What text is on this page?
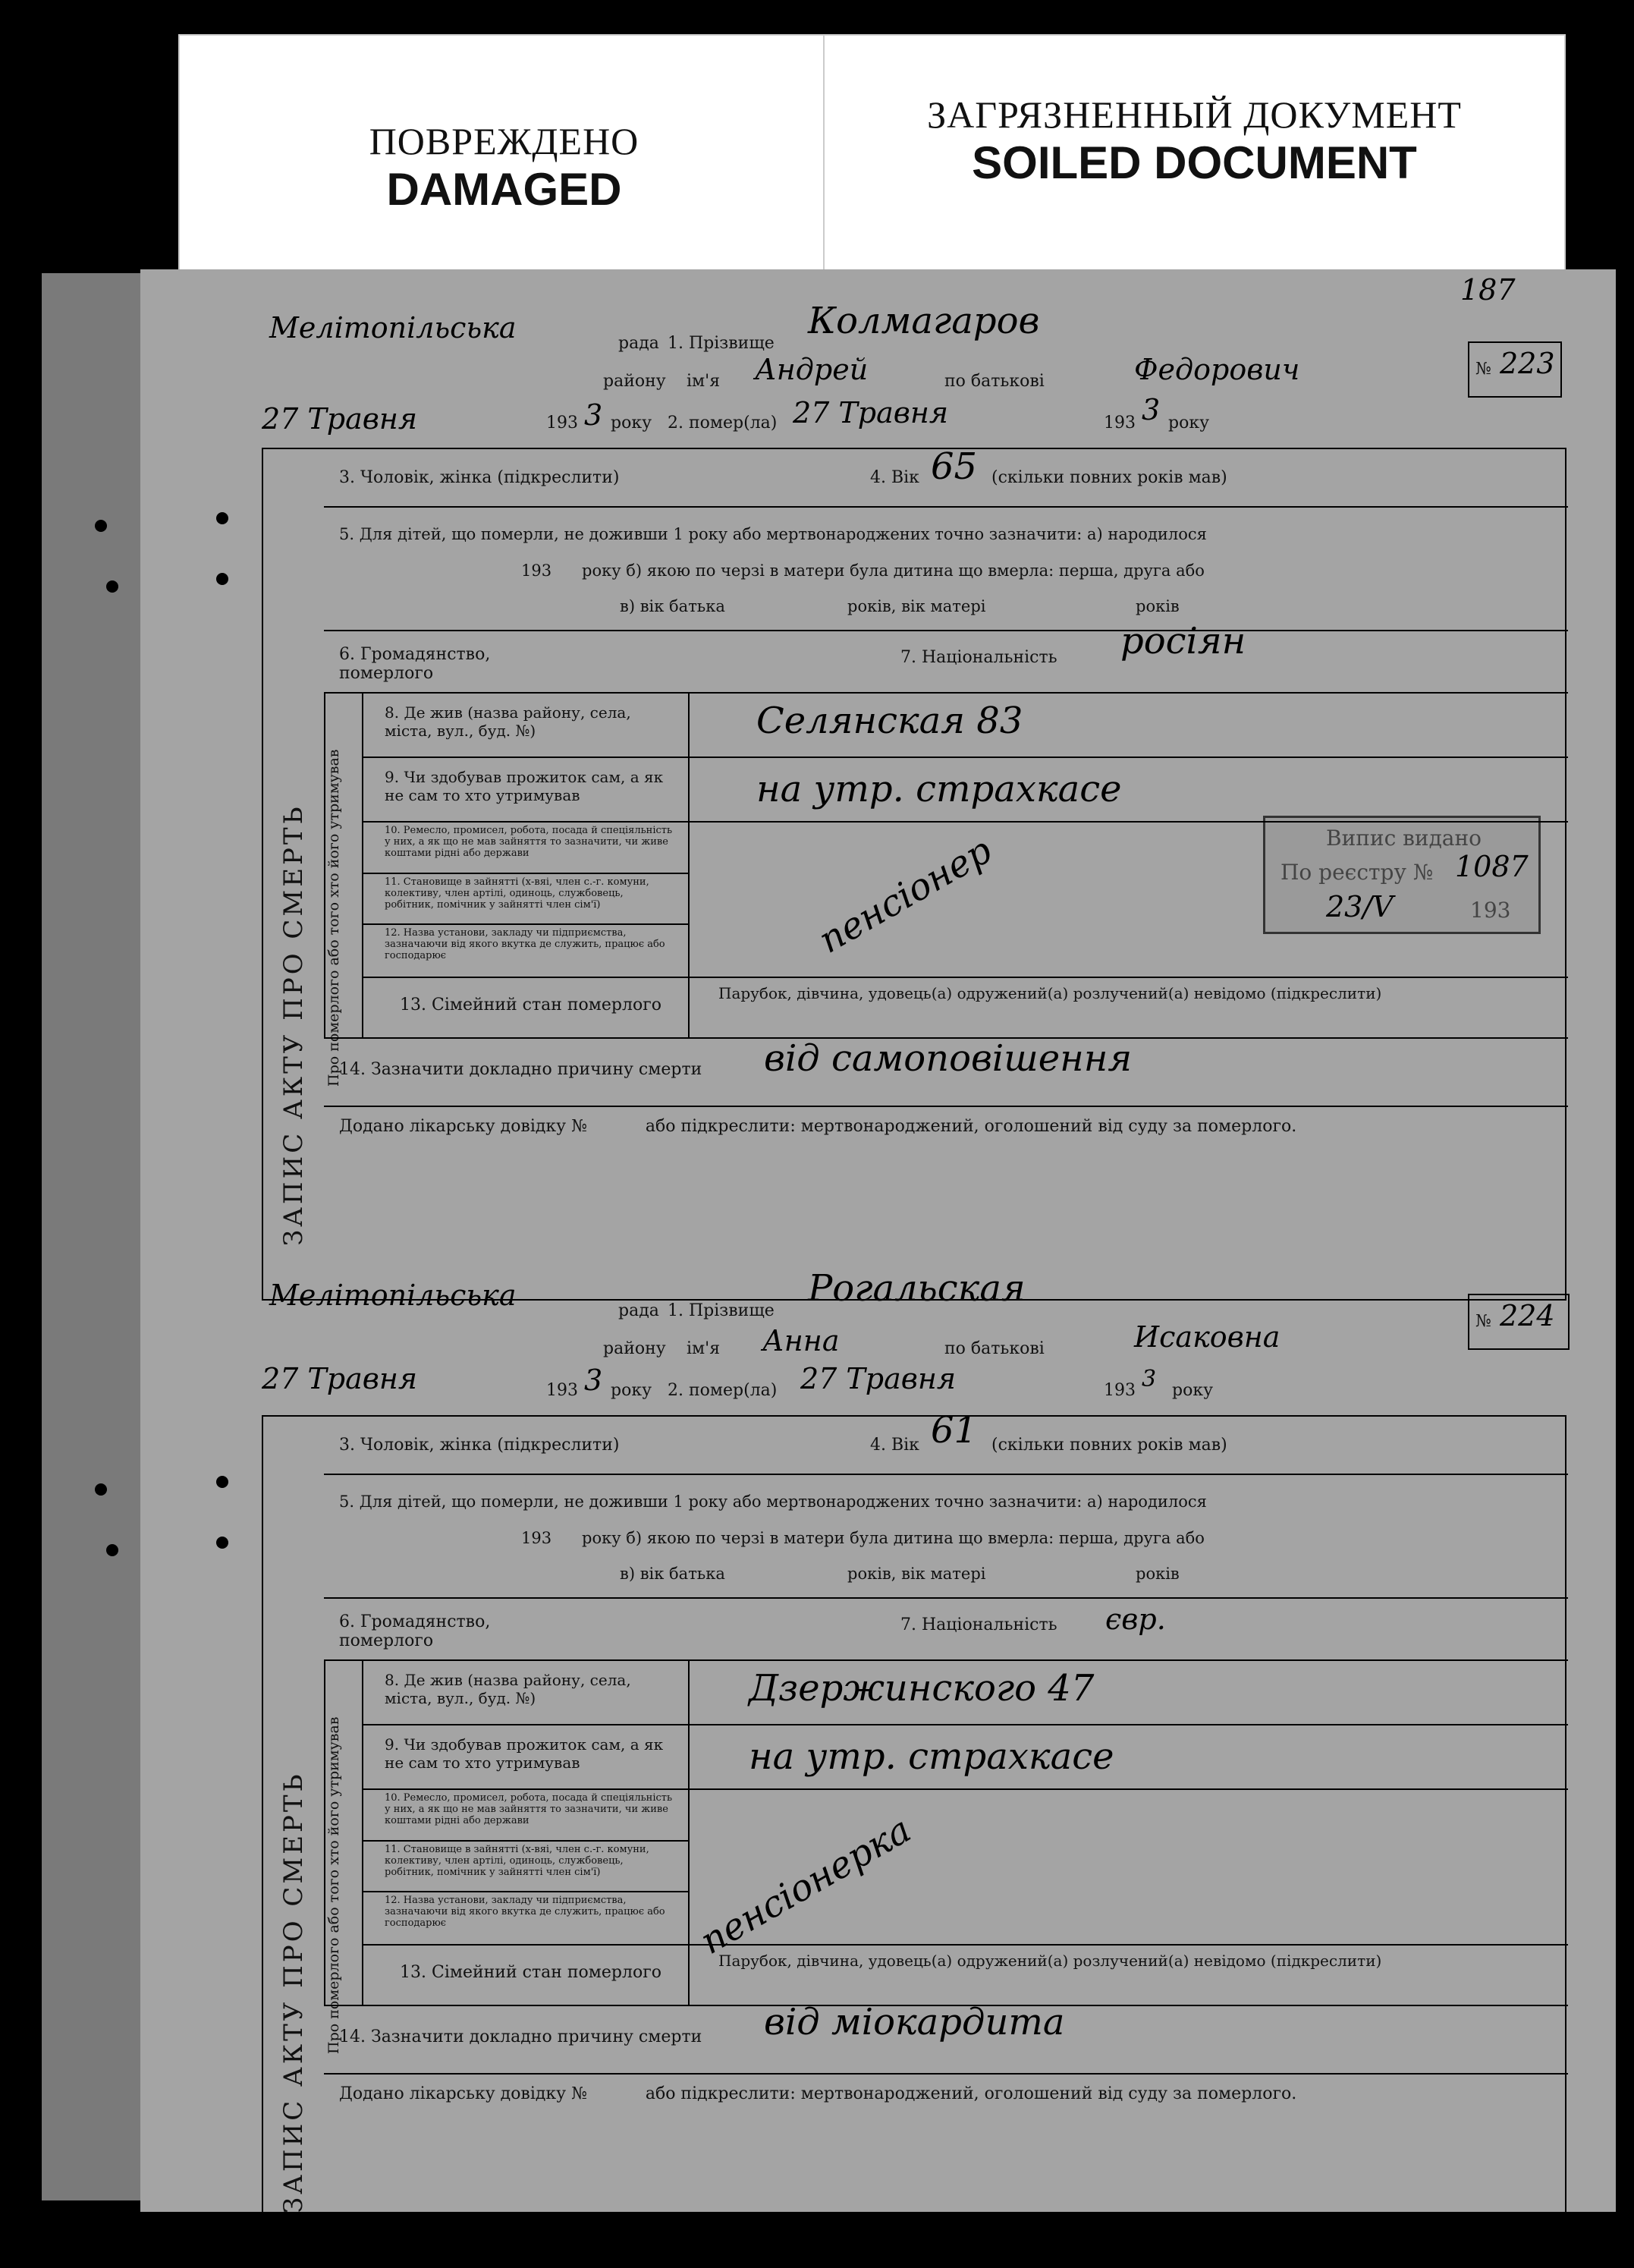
ПОВРЕЖДЕНО
DAMAGED
ЗАГРЯЗНЕННЫЙ ДОКУМЕНТ
SOILED DOCUMENT
Випис видано
По реєстру № 1087
23/V	193
Мелітопільська	рада
району
27 Травня	193 3 року
1. Прізвище
Колмагаров
ім'я Андрей	по батькові	Федорович
2. помер(ла) 27 Травня	193 3 року
187
№ 223
ЗАПИС АКТУ ПРО СМЕРТЬ Про померлого або того хто його утримував
3. Чоловік, жінка (підкреслити)	4. Вік 65 (скільки повних років мав)
5. Для дітей, що померли, не доживши 1 року або мертвонароджених точно зазначити: а) народилося
193 року б) якою по черзі в матери була дитина що вмерла: перша, друга або
в) вік батька	років, вік матері	років
6. Громадянство, померлого
7. Національність росіян
8. Де жив (назва району, села, міста, вул., буд. №)	Селянская 83
9. Чи здобував прожиток сам, а як не сам то хто утримував	на утр. страхкасе
10. Ремесло, промисел, робота, посада й спеціяльність у них, а як що не мав зайняття то зазначити, чи живе коштами рідні або держави
11. Становище в зайнятті (х-вяі, член с.-г. комуни, колективу, член артілі, одиноць, службовець, робітник, помічник у зайнятті член сім'ї)	пенсіонер
12. Назва установи, закладу чи підприємства, зазначаючи від якого вкутка де служить, працює або господарює
13. Сімейний стан померлого
Парубок, дівчина, удовець(а) одружений(а) розлучений(а) невідомо (підкреслити)
14. Зазначити докладно причину смерти від самоповішення
Додано лікарську довідку №           або підкреслити: мертвонароджений, оголошений від суду за померлого.
Мелітопільська	рада
району
27 Травня	193 3 року
1. Прізвище
Рогальская
ім'я Анна	по батькові	Исаковна
2. помер(ла) 27 Травня	193 3 року
№ 224
ЗАПИС АКТУ ПРО СМЕРТЬ Про померлого або того хто його утримував
3. Чоловік, жінка (підкреслити)	4. Вік 61 (скільки повних років мав)
5. Для дітей, що померли, не доживши 1 року або мертвонароджених точно зазначити: а) народилося
193 року б) якою по черзі в матери була дитина що вмерла: перша, друга або
в) вік батька	років, вік матері	років
6. Громадянство, померлого
7. Національність євр.
8. Де жив (назва району, села, міста, вул., буд. №)	Дзержинского 47
9. Чи здобував прожиток сам, а як не сам то хто утримував	на утр. страхкасе
10. Ремесло, промисел, робота, посада й спеціяльність у них, а як що не мав зайняття то зазначити, чи живе коштами рідні або держави
11. Становище в зайнятті (х-вяі, член с.-г. комуни, колективу, член артілі, одиноць, службовець, робітник, помічник у зайнятті член сім'ї)	пенсіонерка
12. Назва установи, закладу чи підприємства, зазначаючи від якого вкутка де служить, працює або господарює
13. Сімейний стан померлого
Парубок, дівчина, удовець(а) одружений(а) розлучений(а) невідомо (підкреслити)
14. Зазначити докладно причину смерти від міокардита
Додано лікарську довідку №           або підкреслити: мертвонароджений, оголошений від суду за померлого.
